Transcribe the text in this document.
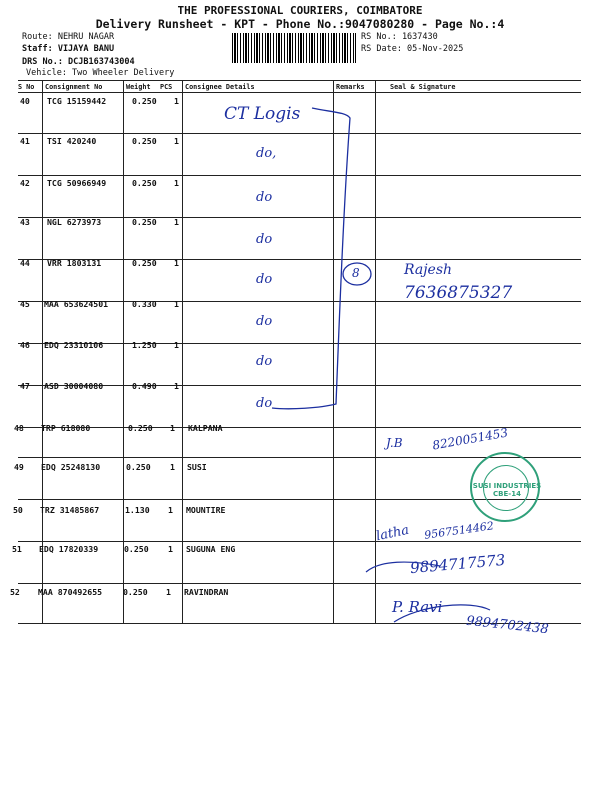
THE PROFESSIONAL COURIERS, COIMBATORE
Delivery Runsheet - KPT - Phone No.:9047080280 - Page No.:4
Route: NEHRU NAGAR
Staff: VIJAYA BANU
DRS No.: DCJB163743004
Vehicle: Two Wheeler Delivery
RS No.: 1637430
RS Date: 05-Nov-2025
S No Consignment No	Weight PCS Consignee Details	Remarks	Seal & Signature
40 TCG 15159442	0.250 1
41 TSI 420240	0.250 1
42 TCG 50966949	0.250 1
43 NGL 6273973	0.250 1
44 VRR 1803131	0.250 1
45 MAA 653624501	0.330 1
46 EDQ 23310106	1.250 1
47 ASD 30004080	0.490 1
48 TRP 618080	0.250 1 KALPANA
49 EDQ 25248130	0.250 1 SUSI
50 TRZ 31485867	1.130 1 MOUNTIRE
51 EDQ 17820339	0.250 1 SUGUNA ENG
52 MAA 870492655	0.250 1 RAVINDRAN
CT Logis
do,
do
do
do
do
do
do
8	Rajesh
7636875327
J.B 8220051453
SUSI INDUSTRIES CBE-14
latha 9567514462
9894717573
P. Ravi
9894702438
